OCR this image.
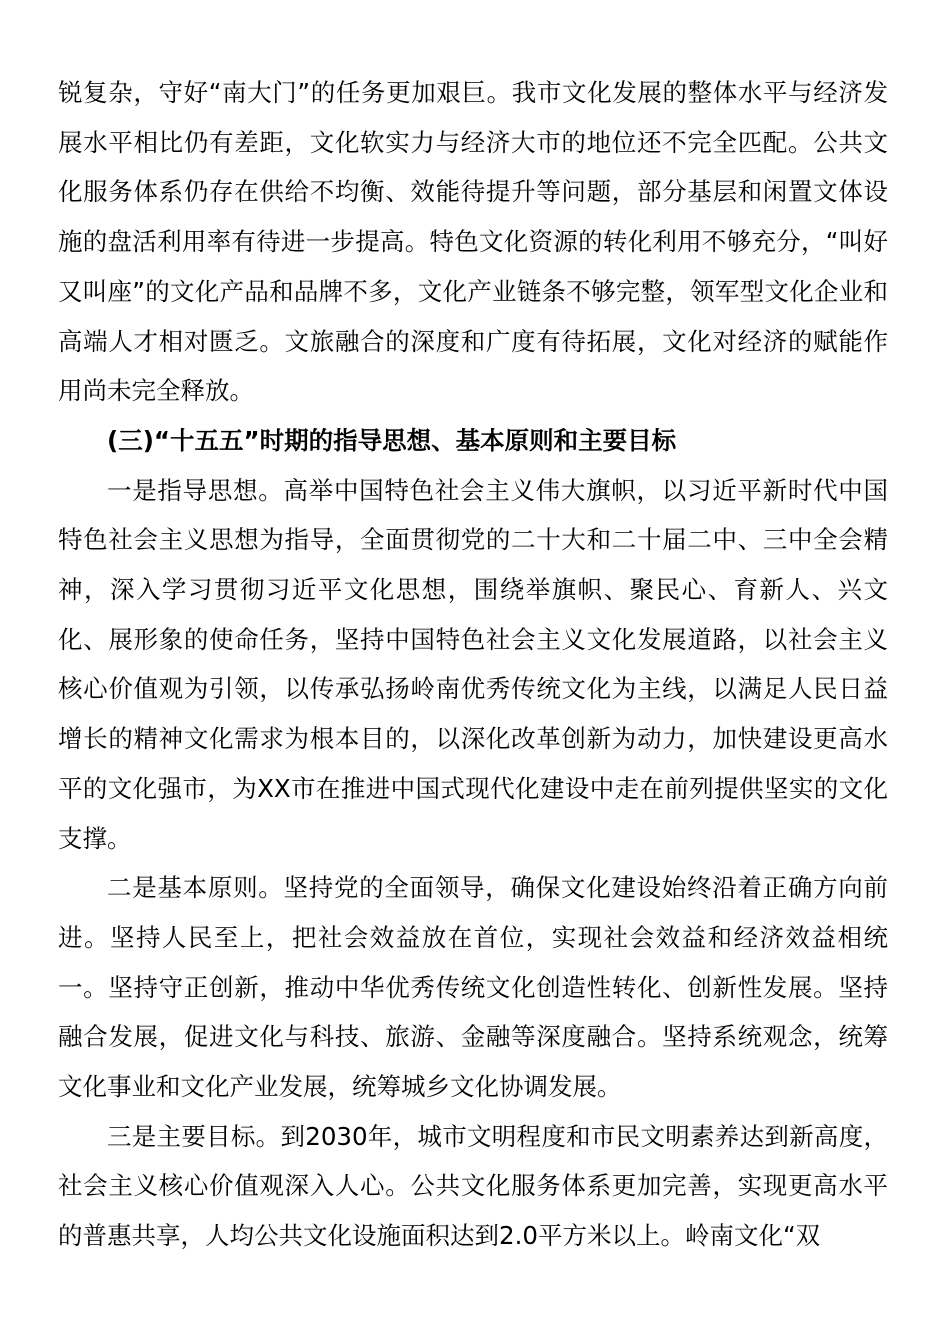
锐复杂，守好“南大门”的任务更加艰巨。我市文化发展的整体水平与经济发展水平相比仍有差距，文化软实力与经济大市的地位还不完全匹配。公共文化服务体系仍存在供给不均衡、效能待提升等问题，部分基层和闲置文体设施的盘活利用率有待进一步提高。特色文化资源的转化利用不够充分，“叫好又叫座”的文化产品和品牌不多，文化产业链条不够完整，领军型文化企业和高端人才相对匮乏。文旅融合的深度和广度有待拓展，文化对经济的赋能作用尚未完全释放。

(三)“十五五”时期的指导思想、基本原则和主要目标

一是指导思想。高举中国特色社会主义伟大旗帜，以习近平新时代中国特色社会主义思想为指导，全面贯彻党的二十大和二十届二中、三中全会精神，深入学习贯彻习近平文化思想，围绕举旗帜、聚民心、育新人、兴文化、展形象的使命任务，坚持中国特色社会主义文化发展道路，以社会主义核心价值观为引领，以传承弘扬岭南优秀传统文化为主线，以满足人民日益增长的精神文化需求为根本目的，以深化改革创新为动力，加快建设更高水平的文化强市，为XX市在推进中国式现代化建设中走在前列提供坚实的文化支撑。

二是基本原则。坚持党的全面领导，确保文化建设始终沿着正确方向前进。坚持人民至上，把社会效益放在首位，实现社会效益和经济效益相统一。坚持守正创新，推动中华优秀传统文化创造性转化、创新性发展。坚持融合发展，促进文化与科技、旅游、金融等深度融合。坚持系统观念，统筹文化事业和文化产业发展，统筹城乡文化协调发展。

三是主要目标。到2030年，城市文明程度和市民文明素养达到新高度，社会主义核心价值观深入人心。公共文化服务体系更加完善，实现更高水平的普惠共享，人均公共文化设施面积达到2.0平方米以上。岭南文化“双
